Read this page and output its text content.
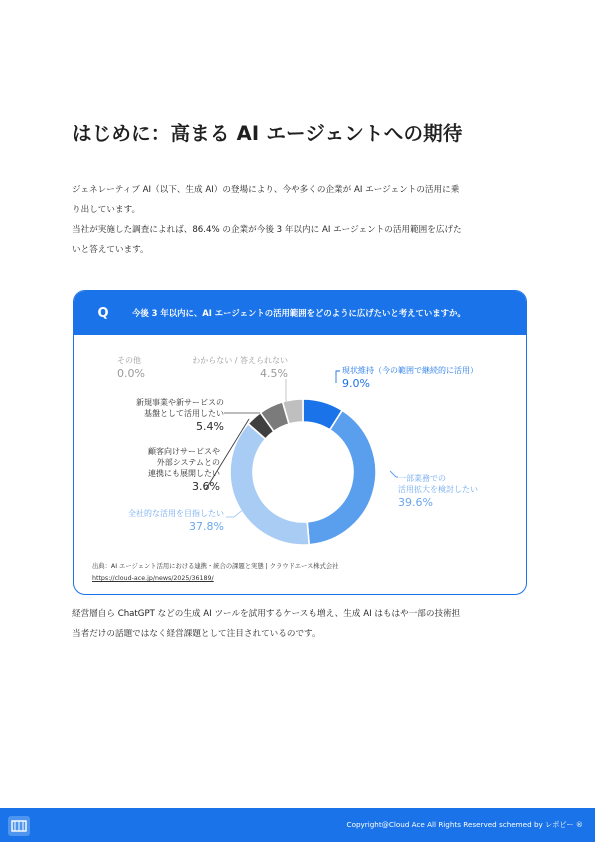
はじめに：高まる AI エージェントへの期待

ジェネレーティブ AI（以下、生成 AI）の登場により、今や多くの企業が AI エージェントの活用に乗

り出しています。

当社が実施した調査によれば、86.4% の企業が今後 3 年以内に AI エージェントの活用範囲を広げた

いと答えています。

Q	今後 3 年以内に、AI エージェントの活用範囲をどのように広げたいと考えていますか。
現状維持（今の範囲で継続的に活用）
9.0%
一部業務での
活用拡大を検討したい
39.6%
全社的な活用を目指したい
37.8%
顧客向けサービスや
外部システムとの
連携にも展開したい
3.6%
新規事業や新サービスの
基盤として活用したい
5.4%
その他
0.0%
わからない / 答えられない
4.5%
出典：AI エージェント活用における連携・統合の課題と実態 | クラウドエース株式会社
https://cloud-ace.jp/news/2025/36189/

経営層自ら ChatGPT などの生成 AI ツールを試用するケースも増え、生成 AI はもはや一部の技術担

当者だけの話題ではなく経営課題として注目されているのです。

Copyright@Cloud Ace All Rights Reserved schemed by レポピー ®
